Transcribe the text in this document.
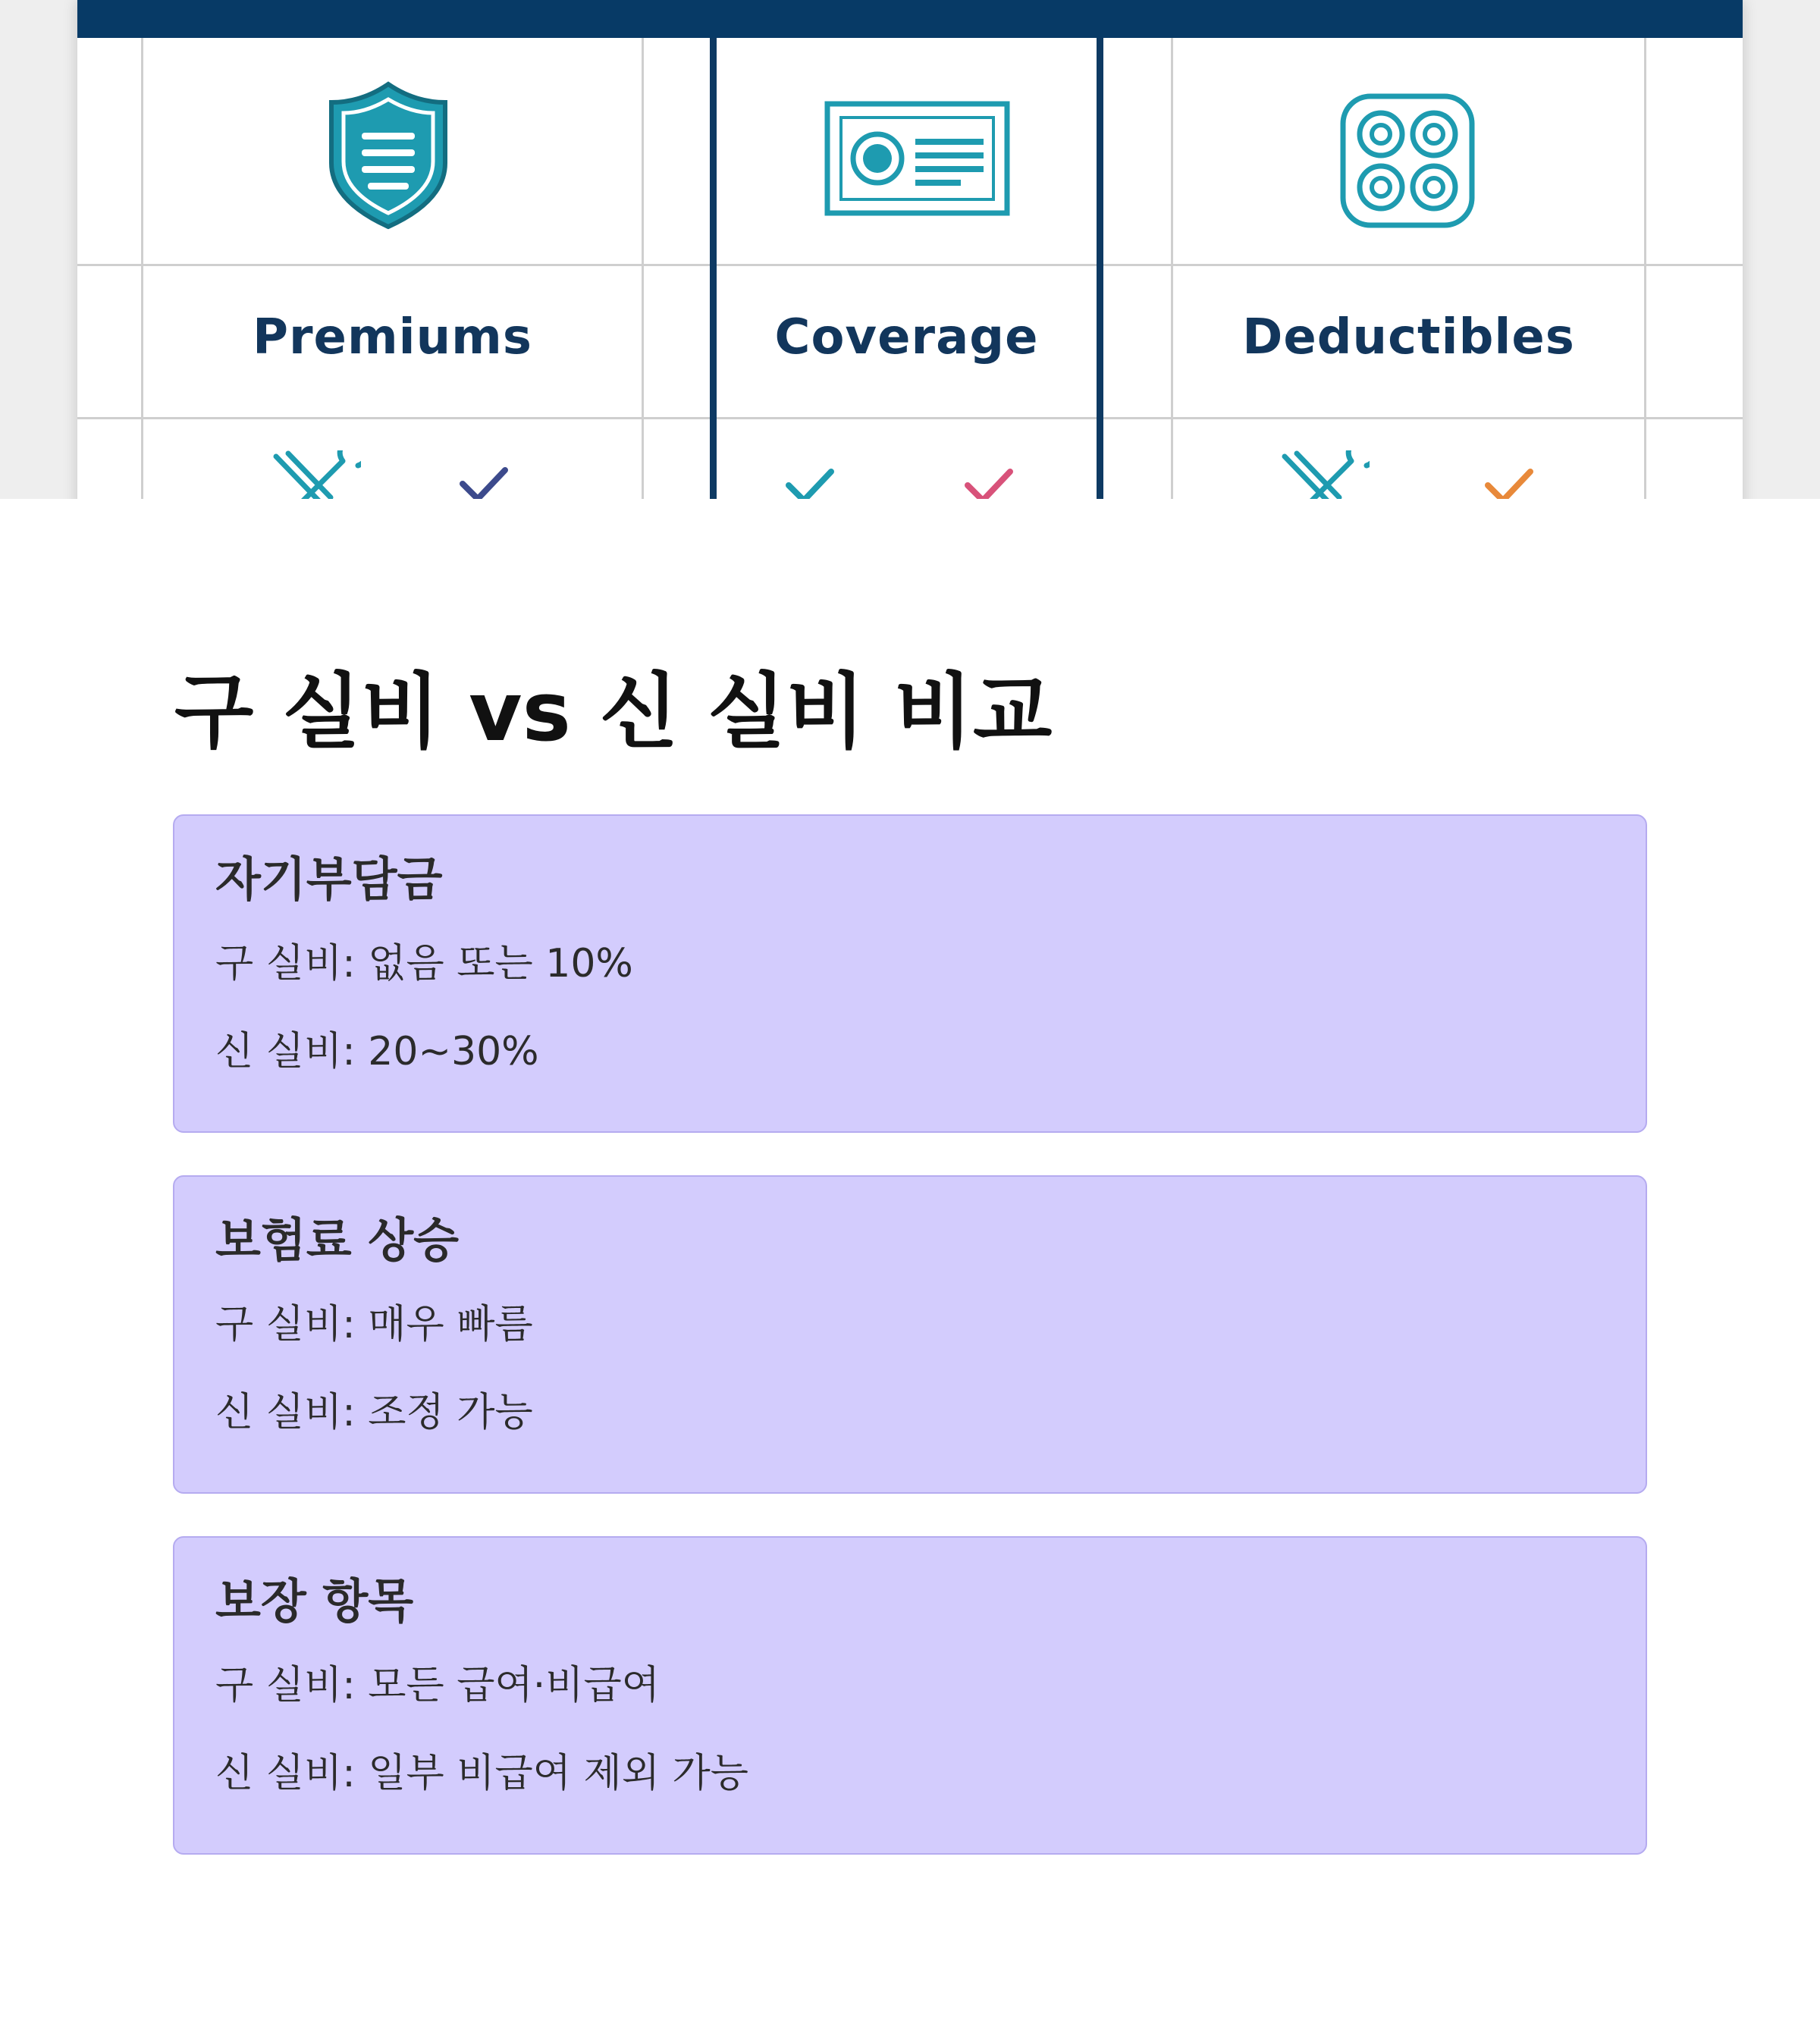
Premiums	Coverage	Deductibles
구 실비 vs 신 실비 비교
자기부담금

구 실비: 없음 또는 10%

신 실비: 20~30%

보험료 상승

구 실비: 매우 빠름

신 실비: 조정 가능

보장 항목

구 실비: 모든 급여·비급여

신 실비: 일부 비급여 제외 가능
